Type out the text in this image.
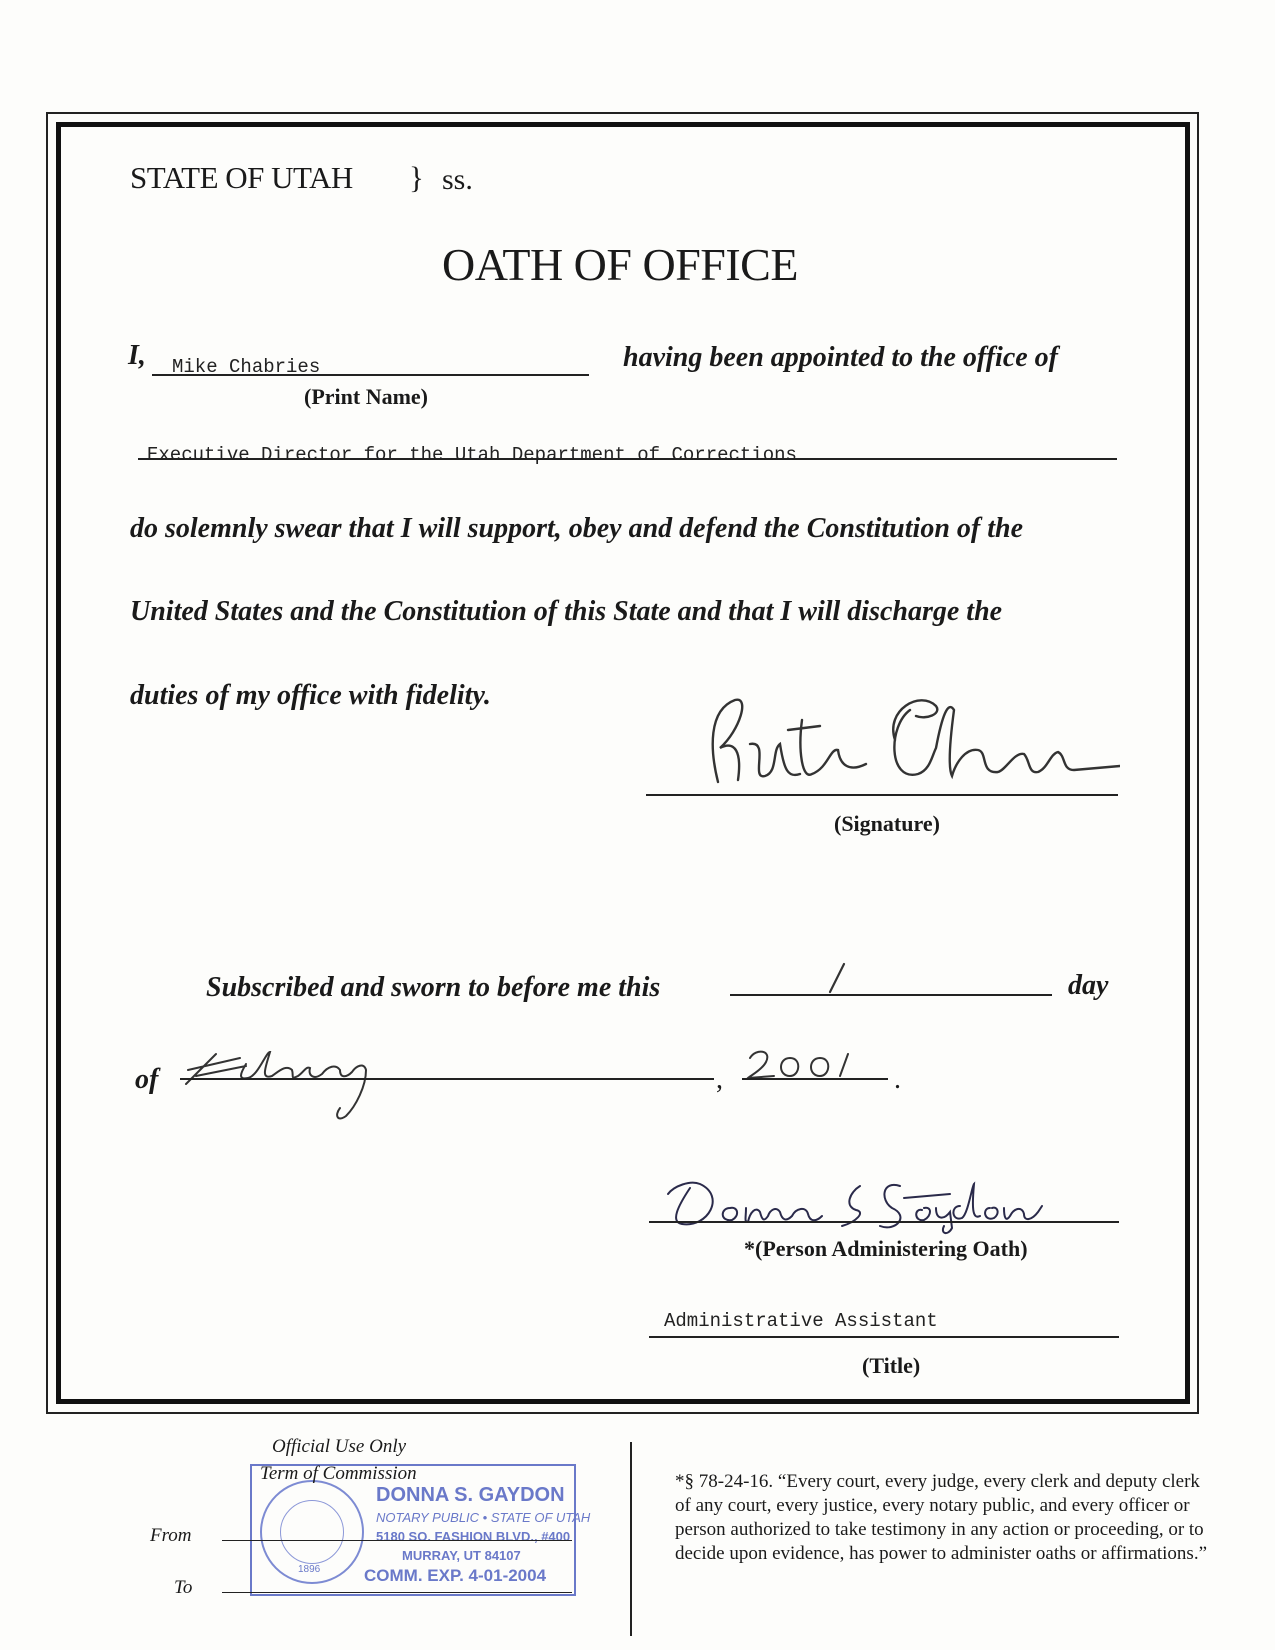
STATE OF UTAH } ss.
OATH OF OFFICE
I, Mike Chabries
(Print Name)
having been appointed to the office of
Executive Director for the Utah Department of Corrections
do solemnly swear that I will support, obey and defend the Constitution of the
United States and the Constitution of this State and that I will discharge the
duties of my office with fidelity.
(Signature)
Subscribed and sworn to before me this	day
of	,	.
*(Person Administering Oath)
Administrative Assistant
(Title)
Official Use Only
Term of Commission
1896
DONNA S. GAYDON
NOTARY PUBLIC • STATE OF UTAH
5180 SO. FASHION BLVD., #400
MURRAY, UT 84107
COMM. EXP. 4-01-2004
From
To
*§ 78-24-16. “Every court, every judge, every clerk and deputy clerk of any court, every justice, every notary public, and every officer or person authorized to take testimony in any action or proceeding, or to decide upon evidence, has power to administer oaths or affirmations.”
